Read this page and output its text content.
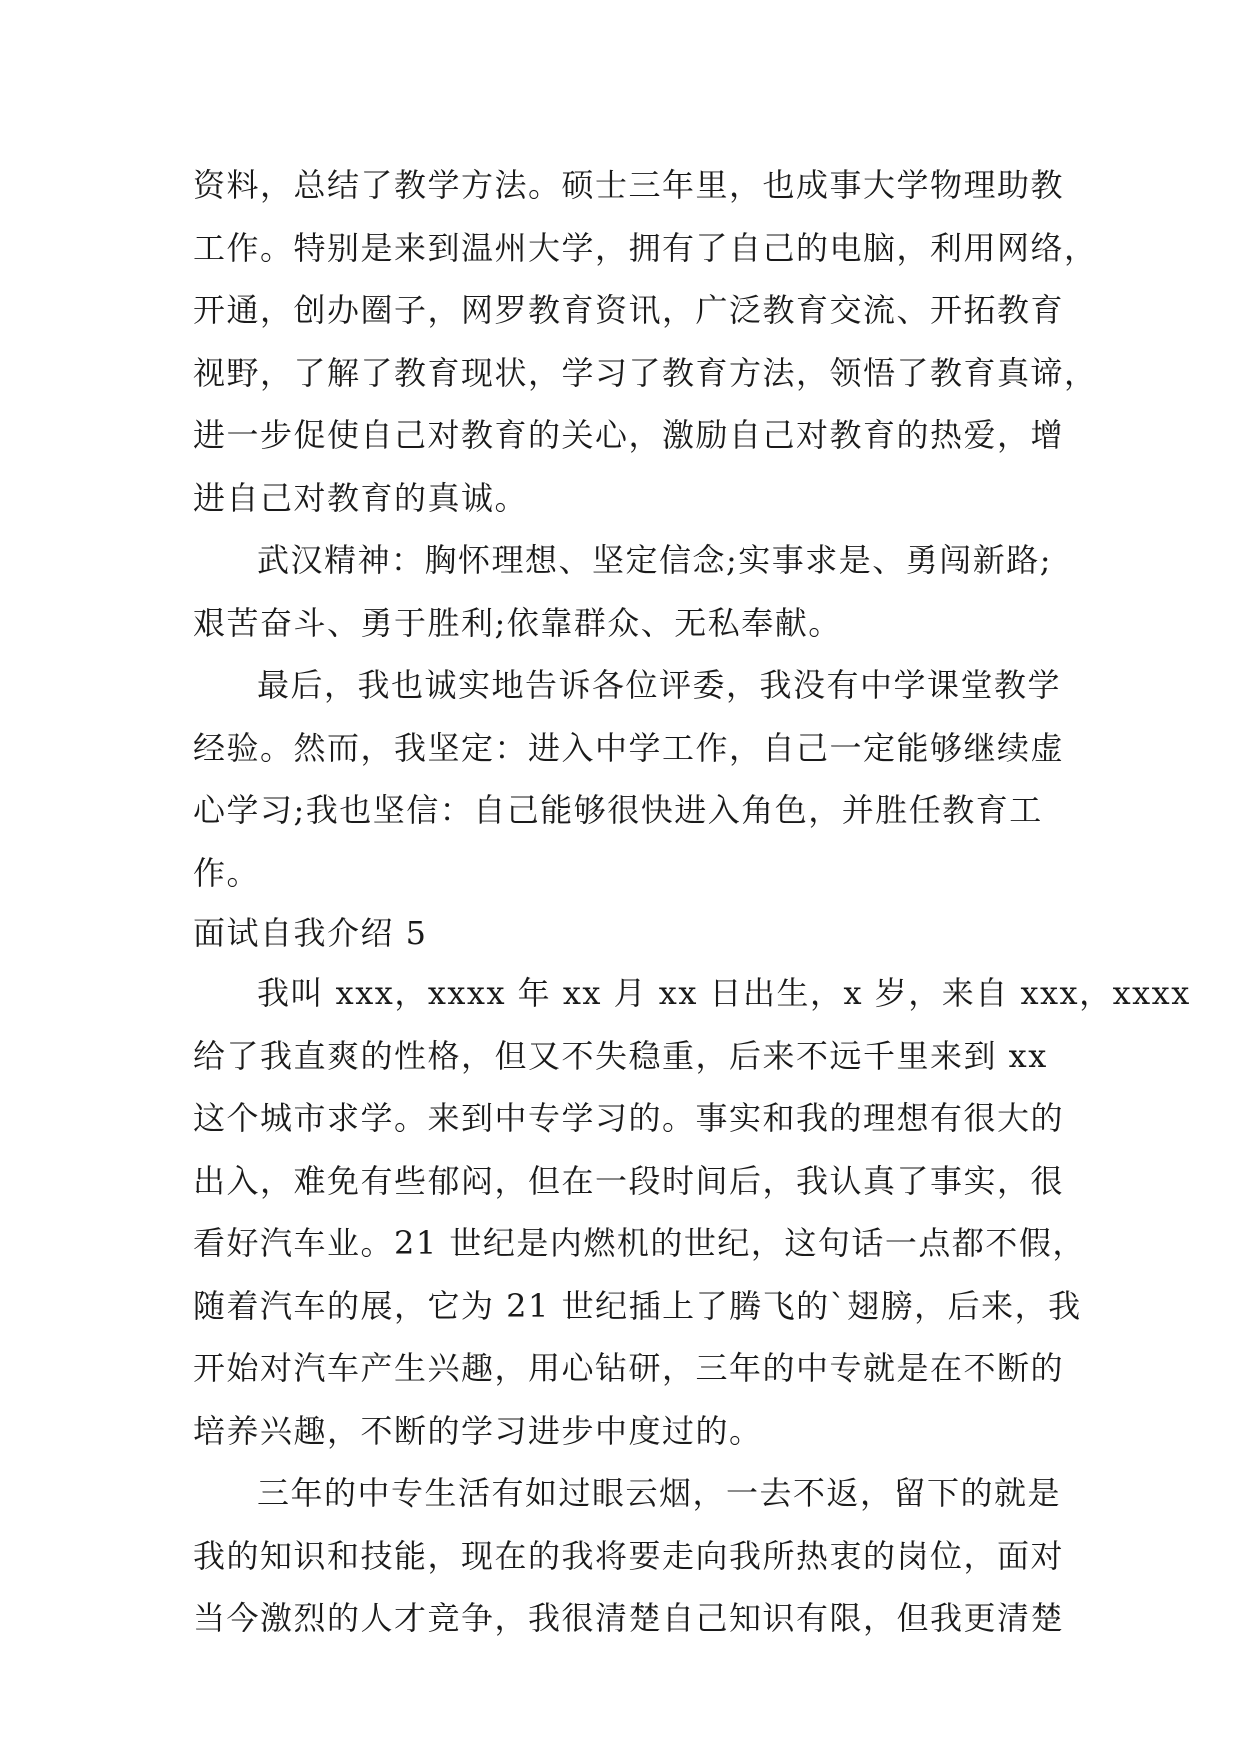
资料，总结了教学方法。硕士三年里，也成事大学物理助教
工作。特别是来到温州大学，拥有了自己的电脑，利用网络，
开通，创办圈子，网罗教育资讯，广泛教育交流、开拓教育
视野，了解了教育现状，学习了教育方法，领悟了教育真谛，
进一步促使自己对教育的关心，激励自己对教育的热爱，增
进自己对教育的真诚。
武汉精神：胸怀理想、坚定信念;实事求是、勇闯新路;
艰苦奋斗、勇于胜利;依靠群众、无私奉献。
最后，我也诚实地告诉各位评委，我没有中学课堂教学
经验。然而，我坚定：进入中学工作，自己一定能够继续虚
心学习;我也坚信：自己能够很快进入角色，并胜任教育工
作。
面试自我介绍 5
我叫 xxx，xxxx 年 xx 月 xx 日出生，x 岁，来自 xxx，xxxx
给了我直爽的性格，但又不失稳重，后来不远千里来到 xx
这个城市求学。来到中专学习的。事实和我的理想有很大的
出入，难免有些郁闷，但在一段时间后，我认真了事实，很
看好汽车业。21 世纪是内燃机的世纪，这句话一点都不假，
随着汽车的展，它为 21 世纪插上了腾飞的`翅膀，后来，我
开始对汽车产生兴趣，用心钻研，三年的中专就是在不断的
培养兴趣，不断的学习进步中度过的。
三年的中专生活有如过眼云烟，一去不返，留下的就是
我的知识和技能，现在的我将要走向我所热衷的岗位，面对
当今激烈的人才竞争，我很清楚自己知识有限，但我更清楚
